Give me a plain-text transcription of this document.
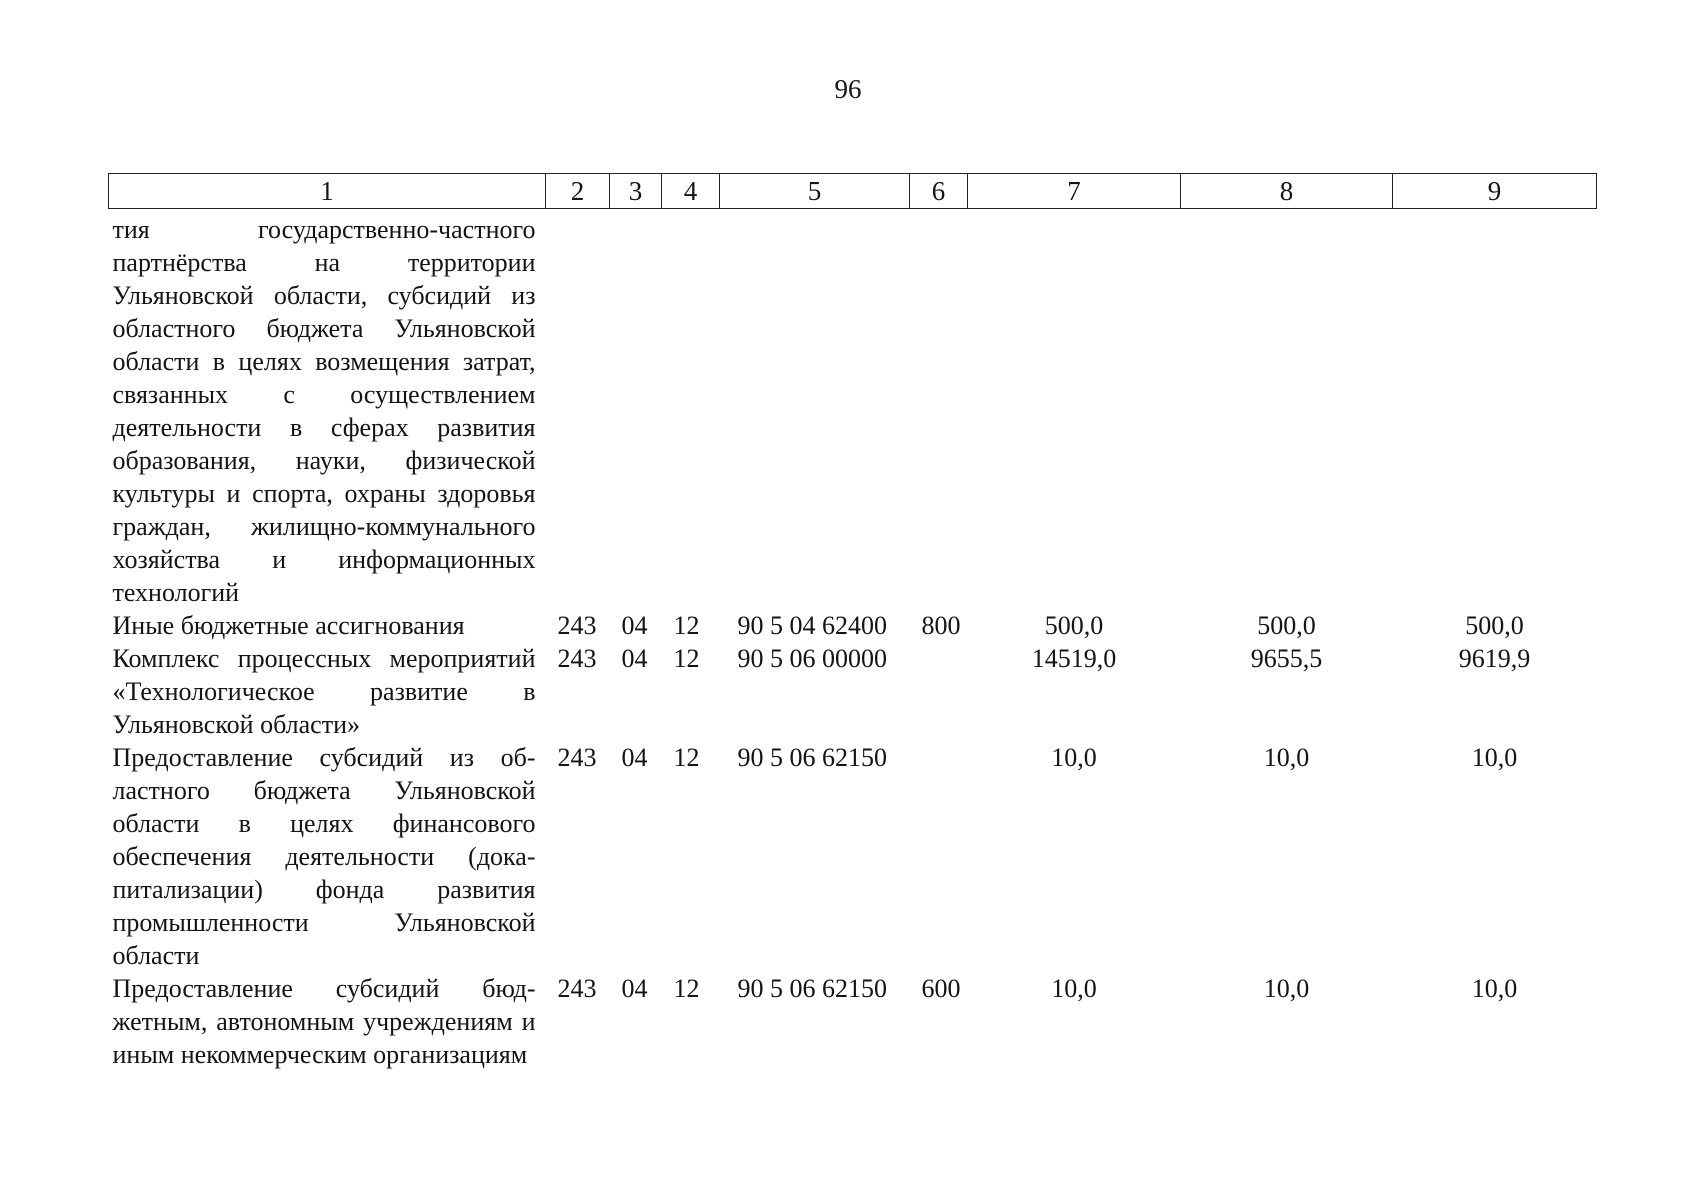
96
1	2	3	4	5	6	7	8	9
тия государственно-частного партнёрства на территории Ульяновской области, субсидий из областного бюджета Ульяновской области в целях возмещения затрат, связанных с осуществлением деятельности в сферах развития образования, науки, физической культуры и спорта, охраны здоровья граждан, жилищно-коммунального хозяйства и информационных технологий								
Иные бюджетные ассигнования	243	04	12	90 5 04 62400	800	500,0	500,0	500,0
Комплекс процессных мероприятий «Технологическое развитие в Ульяновской области»	243	04	12	90 5 06 00000		14519,0	9655,5	9619,9
Предоставление субсидий из областного бюджета Ульяновской области в целях финансового обеспечения деятельности (докапитализации) фонда развития промышленности Ульяновской области	243	04	12	90 5 06 62150		10,0	10,0	10,0
Предоставление субсидий бюджетным, автономным учреждениям и иным некоммерческим организациям	243	04	12	90 5 06 62150	600	10,0	10,0	10,0
